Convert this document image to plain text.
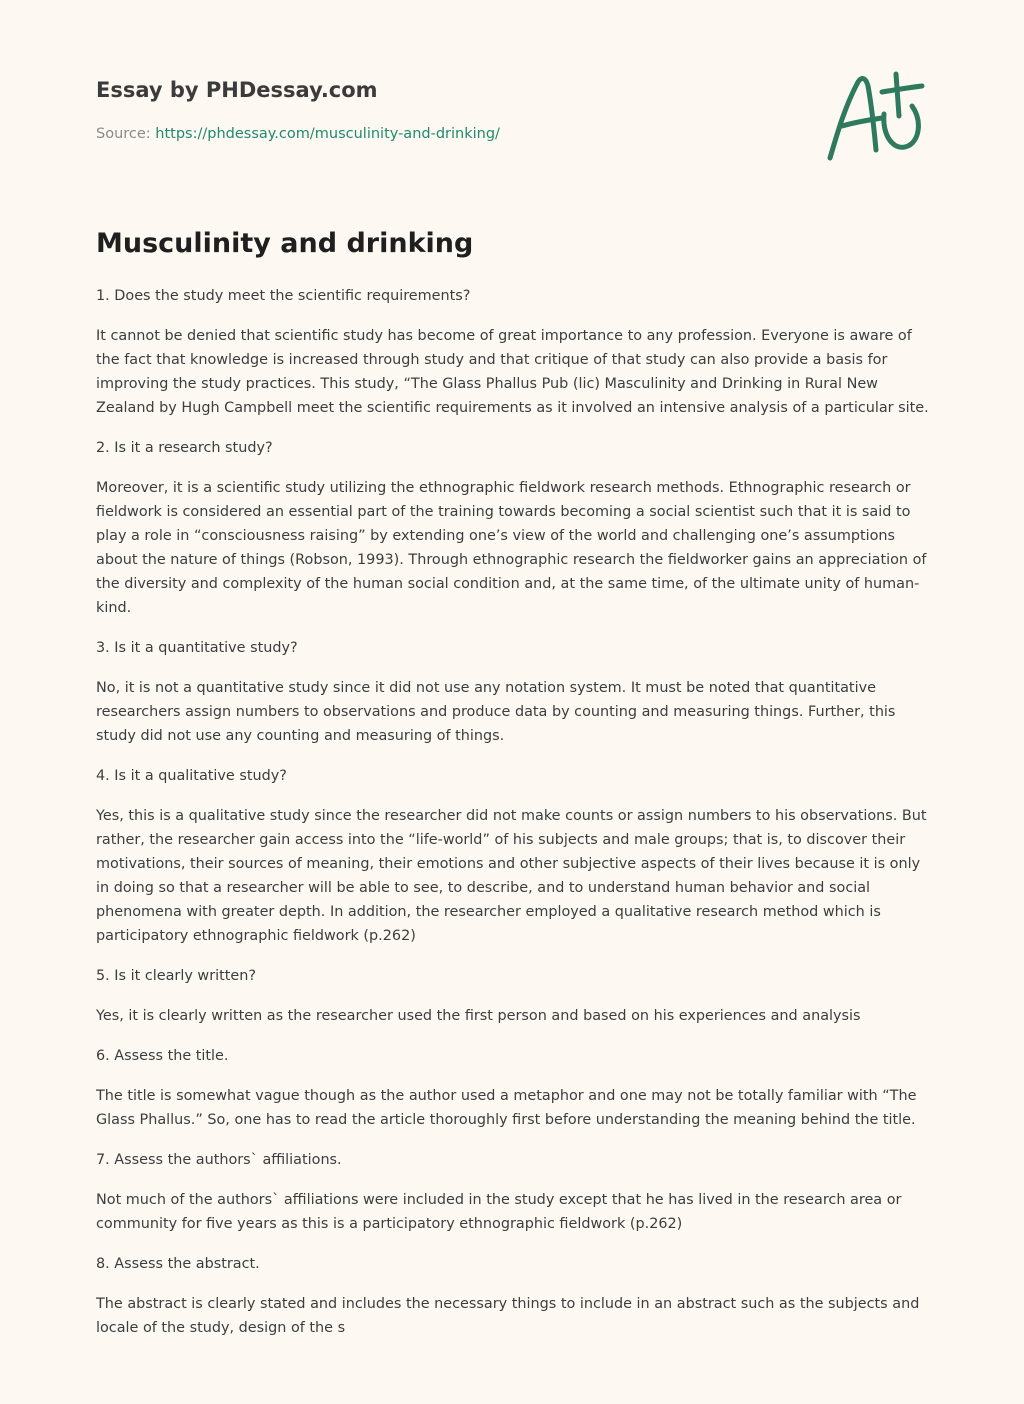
Essay by PHDessay.com
Source: https://phdessay.com/musculinity-and-drinking/
Musculinity and drinking

1. Does the study meet the scientific requirements?

It cannot be denied that scientific study has become of great importance to any profession. Everyone is aware of the fact that knowledge is increased through study and that critique of that study can also provide a basis for improving the study practices. This study, “The Glass Phallus Pub (lic) Masculinity and Drinking in Rural New Zealand by Hugh Campbell meet the scientific requirements as it involved an intensive analysis of a particular site.

2. Is it a research study?

Moreover, it is a scientific study utilizing the ethnographic fieldwork research methods. Ethnographic research or fieldwork is considered an essential part of the training towards becoming a social scientist such that it is said to play a role in “consciousness raising” by extending one’s view of the world and challenging one’s assumptions about the nature of things (Robson, 1993). Through ethnographic research the fieldworker gains an appreciation of the diversity and complexity of the human social condition and, at the same time, of the ultimate unity of human-kind.

3. Is it a quantitative study?

No, it is not a quantitative study since it did not use any notation system. It must be noted that quantitative researchers assign numbers to observations and produce data by counting and measuring things. Further, this study did not use any counting and measuring of things.

4. Is it a qualitative study?

Yes, this is a qualitative study since the researcher did not make counts or assign numbers to his observations. But rather, the researcher gain access into the “life-world” of his subjects and male groups; that is, to discover their motivations, their sources of meaning, their emotions and other subjective aspects of their lives because it is only in doing so that a researcher will be able to see, to describe, and to understand human behavior and social phenomena with greater depth. In addition, the researcher employed a qualitative research method which is participatory ethnographic fieldwork (p.262)

5. Is it clearly written?

Yes, it is clearly written as the researcher used the first person and based on his experiences and analysis

6. Assess the title.

The title is somewhat vague though as the author used a metaphor and one may not be totally familiar with “The Glass Phallus.” So, one has to read the article thoroughly first before understanding the meaning behind the title.

7. Assess the authors` affiliations.

Not much of the authors` affiliations were included in the study except that he has lived in the research area or community for five years as this is a participatory ethnographic fieldwork (p.262)

8. Assess the abstract.

The abstract is clearly stated and includes the necessary things to include in an abstract such as the subjects and locale of the study, design of the s
